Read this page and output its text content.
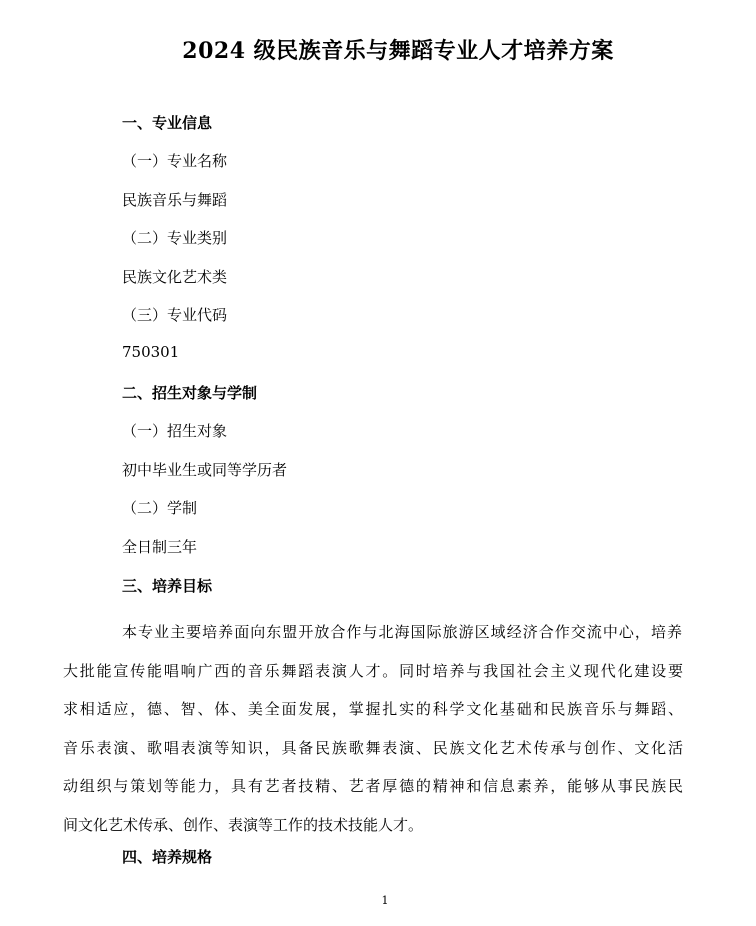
2024 级民族音乐与舞蹈专业人才培养方案
一、专业信息
（一）专业名称
民族音乐与舞蹈
（二）专业类别
民族文化艺术类
（三）专业代码
750301
二、招生对象与学制
（一）招生对象
初中毕业生或同等学历者
（二）学制
全日制三年
三、培养目标
本专业主要培养面向东盟开放合作与北海国际旅游区域经济合作交流中心，培养
大批能宣传能唱响广西的音乐舞蹈表演人才。同时培养与我国社会主义现代化建设要
求相适应，德、智、体、美全面发展，掌握扎实的科学文化基础和民族音乐与舞蹈、
音乐表演、歌唱表演等知识，具备民族歌舞表演、民族文化艺术传承与创作、文化活
动组织与策划等能力，具有艺者技精、艺者厚德的精神和信息素养，能够从事民族民
间文化艺术传承、创作、表演等工作的技术技能人才。
四、培养规格
1
